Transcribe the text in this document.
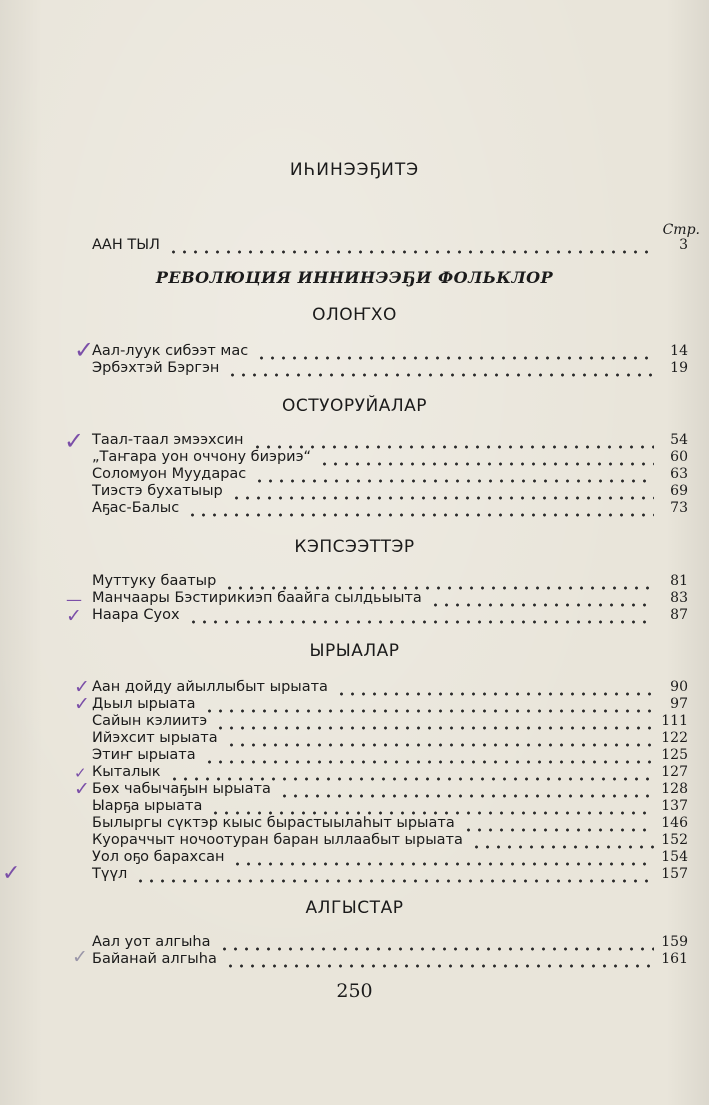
ИҺИНЭЭҔИТЭ
Стр.
ААН ТЫЛ	3
РЕВОЛЮЦИЯ ИННИНЭЭҔИ ФОЛЬКЛОР
ОЛОҤХО
Аал-луук сибээт мас	14
Эрбэхтэй Бэргэн	19
ОСТУОРУЙАЛАР
Таал-таал эмээхсин	54
„Таҥара уон оччону биэриэ“	60
Соломуон Муударас	63
Тиэстэ бухатыыр	69
Аҕас-Балыс	73
КЭПСЭЭТТЭР
Муттуку баатыр	81
Манчаары Бэстирикиэп баайга сылдьыыта	83
Наара Суох	87
ЫРЫАЛАР
Аан дойду айыллыбыт ырыата	90
Дьыл ырыата	97
Сайын кэлиитэ	111
Ийэхсит ырыата	122
Этиҥ ырыата	125
Кыталык	127
Бөх чабычаҕын ырыата	128
Ыарҕа ырыата	137
Былыргы сүктэр кыыс бырастыылаһыт ырыата	146
Куораччыт ночоотуран баран ыллаабыт ырыата	152
Уол оҕо барахсан	154
Түүл	157
АЛГЫСТАР
Аал уот алгыһа	159
Байанай алгыһа	161
250
✓
✓
—
✓
✓
✓
✓
✓
✓
✓
